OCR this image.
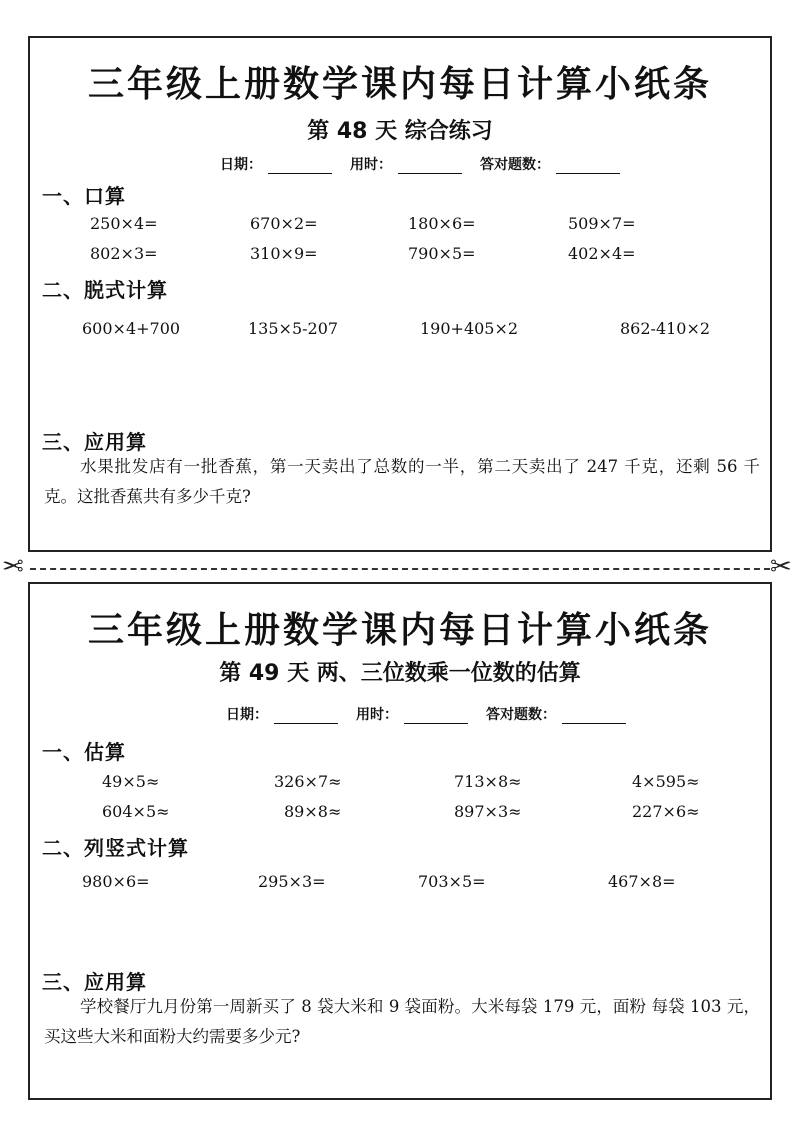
三年级上册数学课内每日计算小纸条
第 48 天 综合练习
日期：	用时：	答对题数：
一、口算
250×4=	670×2=	180×6=	509×7=
802×3=	310×9=	790×5=	402×4=
二、脱式计算
600×4+700	135×5-207	190+405×2	862-410×2
三、应用算
水果批发店有一批香蕉，第一天卖出了总数的一半，第二天卖出了 247 千克，还剩 56 千克。这批香蕉共有多少千克?
✂	✂
三年级上册数学课内每日计算小纸条
第 49 天 两、三位数乘一位数的估算
日期：	用时：	答对题数：
一、估算
49×5≈	326×7≈	713×8≈	4×595≈
604×5≈	89×8≈	897×3≈	227×6≈
二、列竖式计算
980×6=	295×3=	703×5=	467×8=
三、应用算
学校餐厅九月份第一周新买了 8 袋大米和 9 袋面粉。大米每袋 179 元，面粉 每袋 103 元，买这些大米和面粉大约需要多少元?
